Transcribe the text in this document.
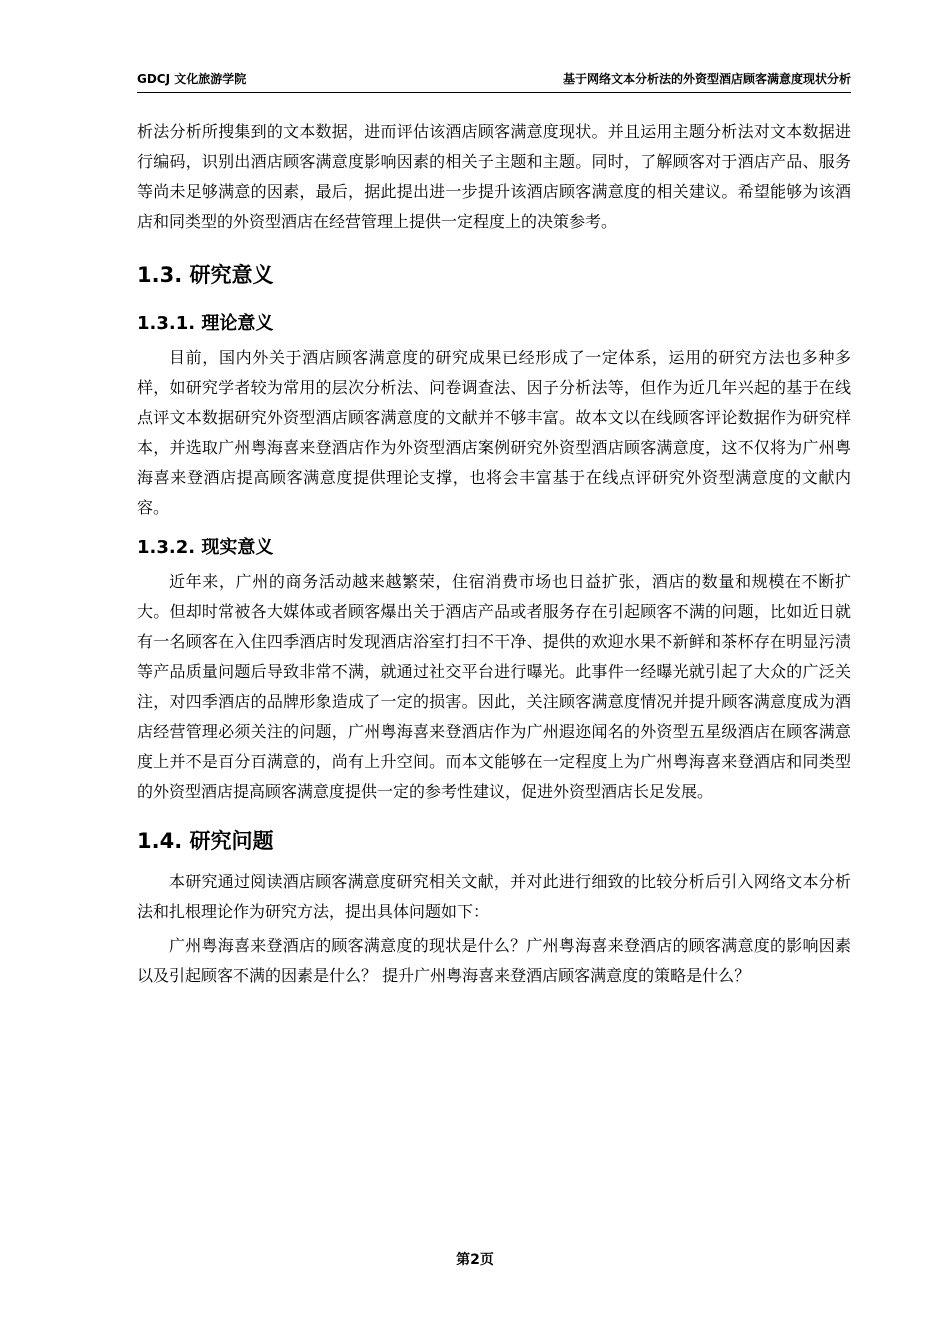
GDCJ 文化旅游学院	基于网络文本分析法的外资型酒店顾客满意度现状分析

析法分析所搜集到的文本数据，进而评估该酒店顾客满意度现状。并且运用主题分析法对文本数据进行编码，识别出酒店顾客满意度影响因素的相关子主题和主题。同时，了解顾客对于酒店产品、服务等尚未足够满意的因素，最后，据此提出进一步提升该酒店顾客满意度的相关建议。希望能够为该酒店和同类型的外资型酒店在经营管理上提供一定程度上的决策参考。

1.3. 研究意义
1.3.1. 理论意义

目前，国内外关于酒店顾客满意度的研究成果已经形成了一定体系，运用的研究方法也多种多样，如研究学者较为常用的层次分析法、问卷调查法、因子分析法等，但作为近几年兴起的基于在线点评文本数据研究外资型酒店顾客满意度的文献并不够丰富。故本文以在线顾客评论数据作为研究样本，并选取广州粤海喜来登酒店作为外资型酒店案例研究外资型酒店顾客满意度，这不仅将为广州粤海喜来登酒店提高顾客满意度提供理论支撑，也将会丰富基于在线点评研究外资型满意度的文献内容。

1.3.2. 现实意义

近年来，广州的商务活动越来越繁荣，住宿消费市场也日益扩张，酒店的数量和规模在不断扩大。但却时常被各大媒体或者顾客爆出关于酒店产品或者服务存在引起顾客不满的问题，比如近日就有一名顾客在入住四季酒店时发现酒店浴室打扫不干净、提供的欢迎水果不新鲜和茶杯存在明显污渍等产品质量问题后导致非常不满，就通过社交平台进行曝光。此事件一经曝光就引起了大众的广泛关注，对四季酒店的品牌形象造成了一定的损害。因此，关注顾客满意度情况并提升顾客满意度成为酒店经营管理必须关注的问题，广州粤海喜来登酒店作为广州遐迩闻名的外资型五星级酒店在顾客满意度上并不是百分百满意的，尚有上升空间。而本文能够在一定程度上为广州粤海喜来登酒店和同类型的外资型酒店提高顾客满意度提供一定的参考性建议，促进外资型酒店长足发展。

1.4. 研究问题

本研究通过阅读酒店顾客满意度研究相关文献，并对此进行细致的比较分析后引入网络文本分析法和扎根理论作为研究方法，提出具体问题如下：

广州粤海喜来登酒店的顾客满意度的现状是什么？广州粤海喜来登酒店的顾客满意度的影响因素以及引起顾客不满的因素是什么？ 提升广州粤海喜来登酒店顾客满意度的策略是什么？

第2页
